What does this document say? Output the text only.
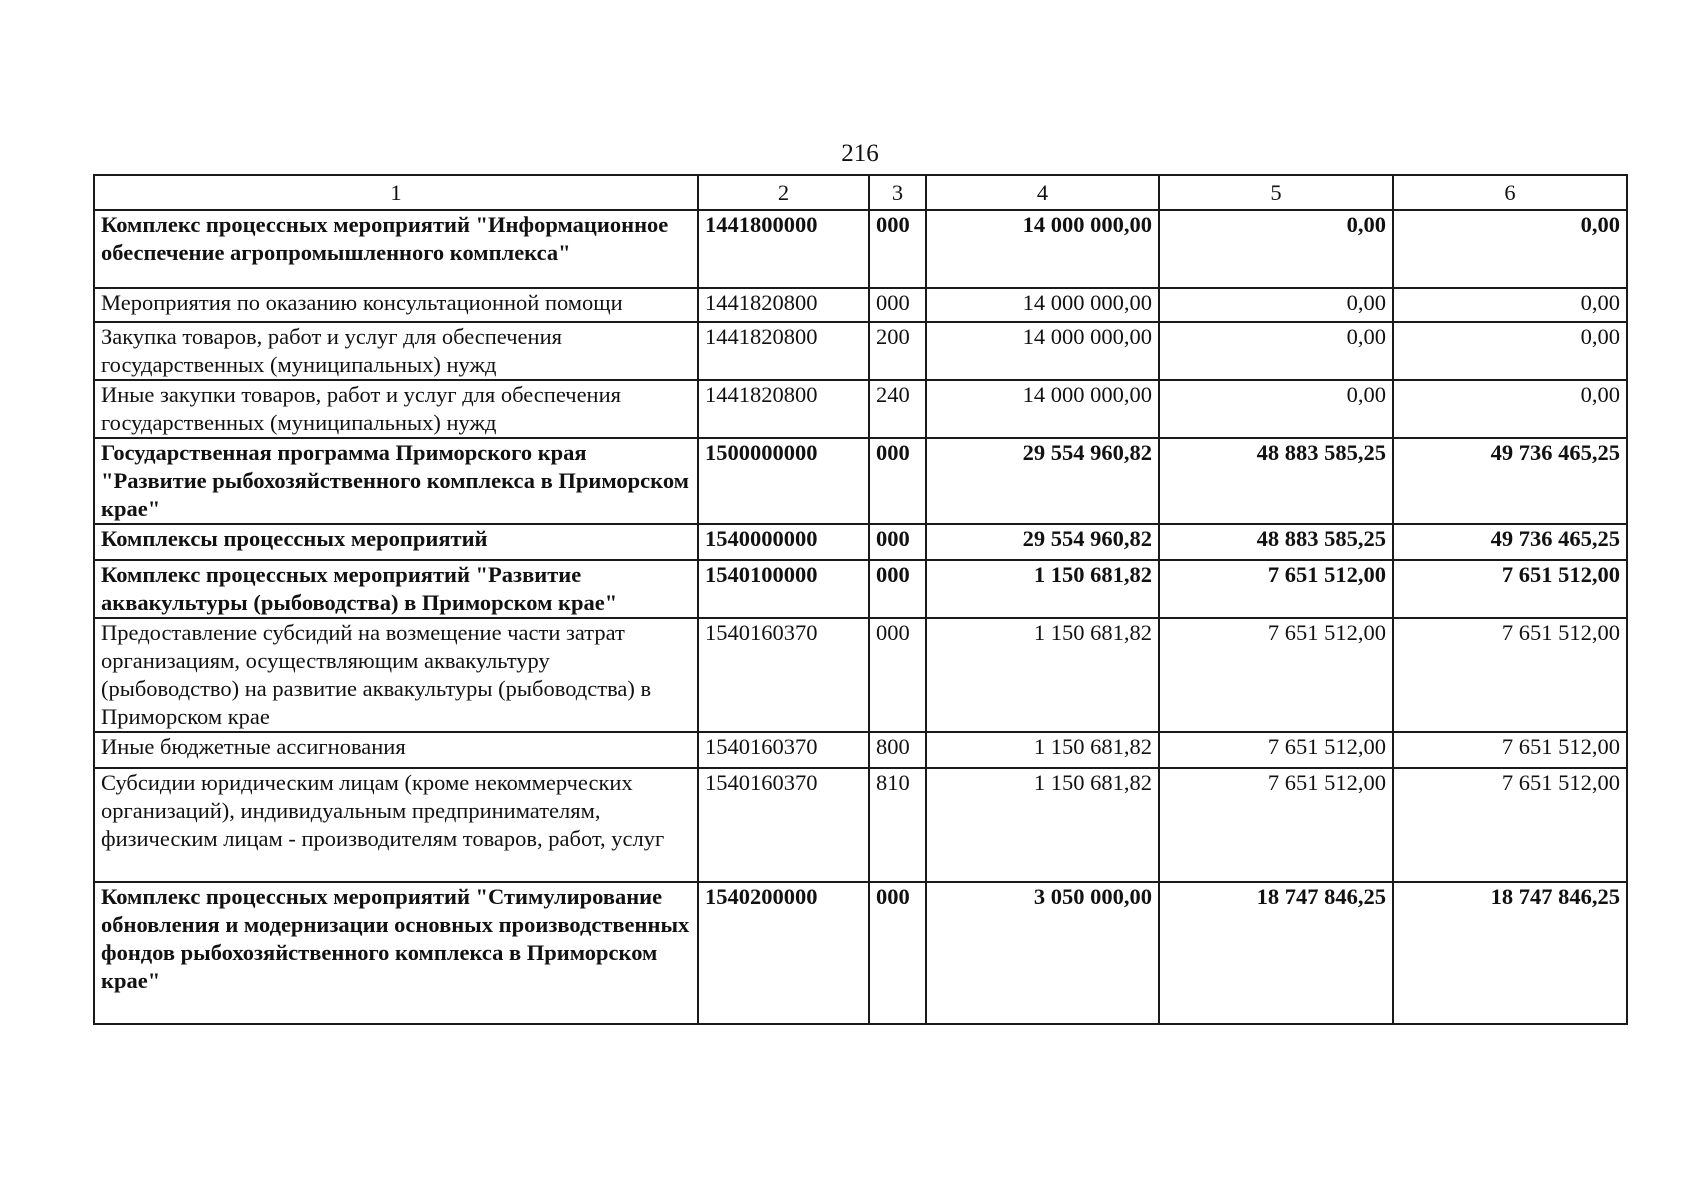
216
1	2	3	4	5	6
Комплекс процессных мероприятий "Информационное обеспечение агропромышленного комплекса"	1441800000	000	14 000 000,00	0,00	0,00
Мероприятия по оказанию консультационной помощи	1441820800	000	14 000 000,00	0,00	0,00
Закупка товаров, работ и услуг для обеспечения государственных (муниципальных) нужд	1441820800	200	14 000 000,00	0,00	0,00
Иные закупки товаров, работ и услуг для обеспечения государственных (муниципальных) нужд	1441820800	240	14 000 000,00	0,00	0,00
Государственная программа Приморского края "Развитие рыбохозяйственного комплекса в Приморском крае"	1500000000	000	29 554 960,82	48 883 585,25	49 736 465,25
Комплексы процессных мероприятий	1540000000	000	29 554 960,82	48 883 585,25	49 736 465,25
Комплекс процессных мероприятий "Развитие аквакультуры (рыбоводства) в Приморском крае"	1540100000	000	1 150 681,82	7 651 512,00	7 651 512,00
Предоставление субсидий на возмещение части затрат организациям, осуществляющим аквакультуру (рыбоводство) на развитие аквакультуры (рыбоводства) в Приморском крае	1540160370	000	1 150 681,82	7 651 512,00	7 651 512,00
Иные бюджетные ассигнования	1540160370	800	1 150 681,82	7 651 512,00	7 651 512,00
Субсидии юридическим лицам (кроме некоммерческих организаций), индивидуальным предпринимателям, физическим лицам - производителям товаров, работ, услуг	1540160370	810	1 150 681,82	7 651 512,00	7 651 512,00
Комплекс процессных мероприятий "Стимулирование обновления и модернизации основных производственных фондов рыбохозяйственного комплекса в Приморском крае"	1540200000	000	3 050 000,00	18 747 846,25	18 747 846,25
